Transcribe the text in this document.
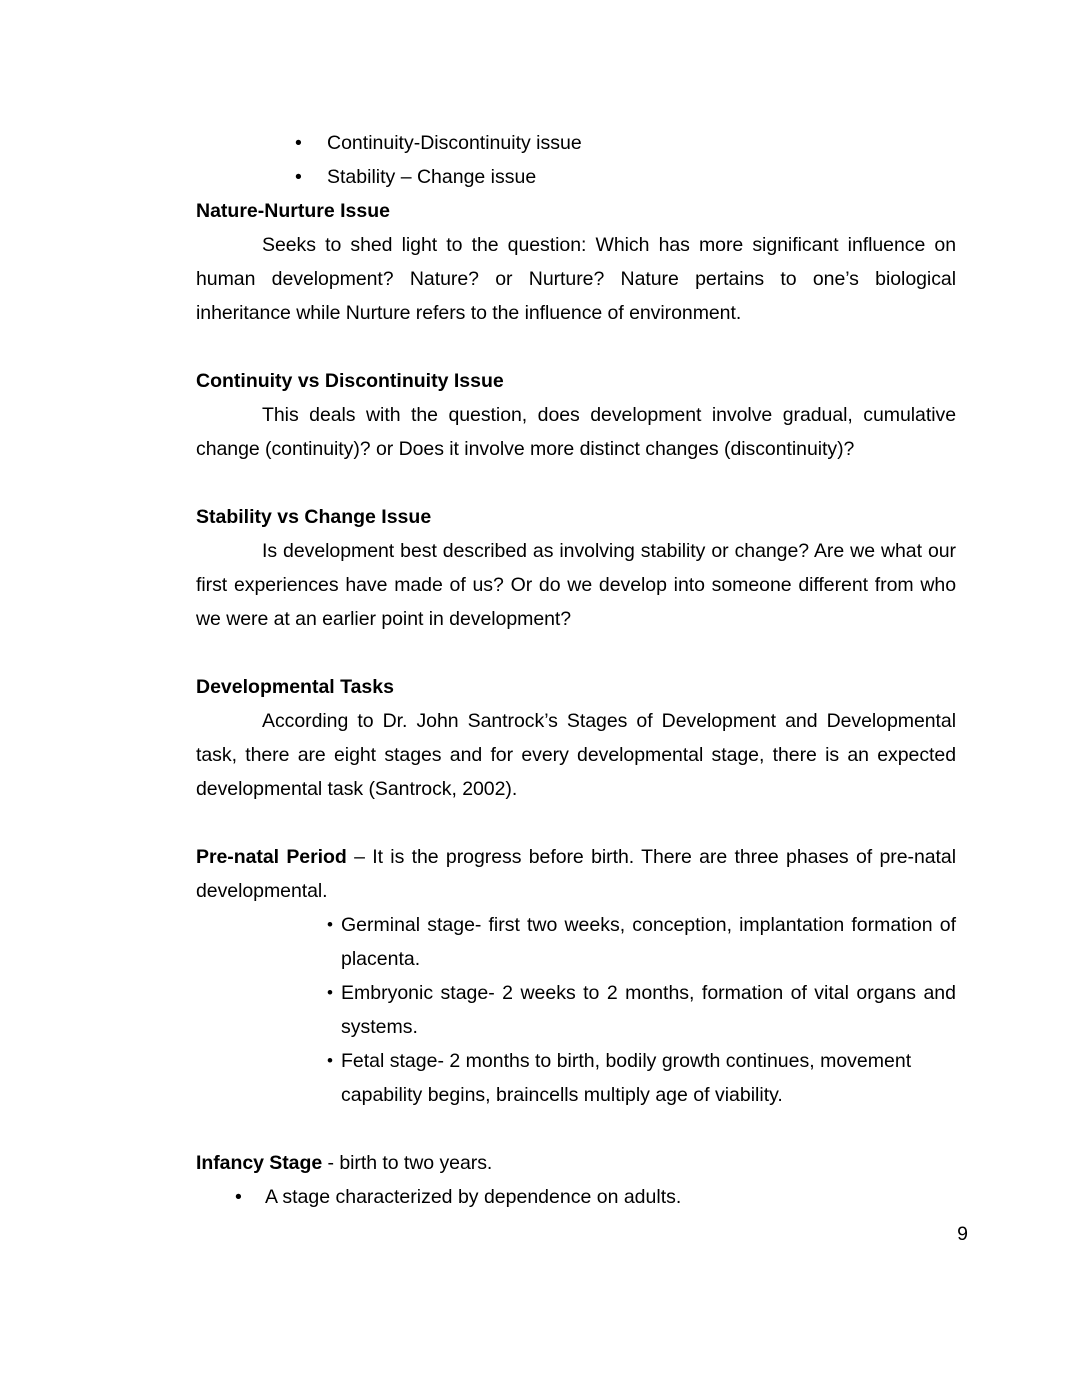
• Continuity-Discontinuity issue
• Stability – Change issue

Nature-Nurture Issue

Seeks to shed light to the question: Which has more significant influence on human development? Nature? or Nurture? Nature pertains to one’s biological inheritance while Nurture refers to the influence of environment.

Continuity vs Discontinuity Issue

This deals with the question, does development involve gradual, cumulative change (continuity)? or Does it involve more distinct changes (discontinuity)?

Stability vs Change Issue

Is development best described as involving stability or change? Are we what our first experiences have made of us? Or do we develop into someone different from who we were at an earlier point in development?

Developmental Tasks

According to Dr. John Santrock’s Stages of Development and Developmental task, there are eight stages and for every developmental stage, there is an expected developmental task (Santrock, 2002).

Pre-natal Period – It is the progress before birth. There are three phases of pre-natal developmental.

• Germinal stage- first two weeks, conception, implantation formation of placenta.
• Embryonic stage- 2 weeks to 2 months, formation of vital organs and systems.
• Fetal stage- 2 months to birth, bodily growth continues, movement capability begins, braincells multiply age of viability.

Infancy Stage - birth to two years.

• A stage characterized by dependence on adults.
9
